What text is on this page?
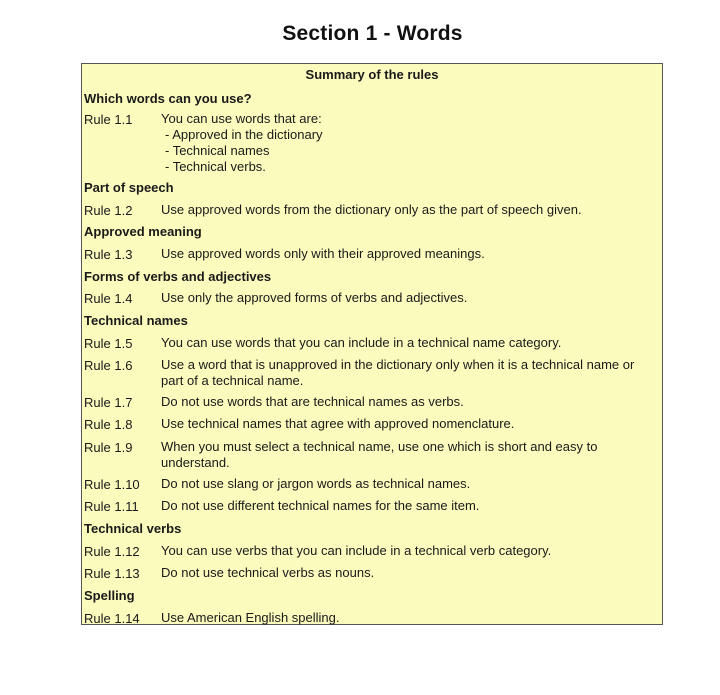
Section 1 - Words
Summary of the rules
Which words can you use?
Rule 1.1 You can use words that are:
- Approved in the dictionary
- Technical names
- Technical verbs.
Part of speech
Rule 1.2 Use approved words from the dictionary only as the part of speech given.
Approved meaning
Rule 1.3 Use approved words only with their approved meanings.
Forms of verbs and adjectives
Rule 1.4 Use only the approved forms of verbs and adjectives.
Technical names
Rule 1.5 You can use words that you can include in a technical name category.
Rule 1.6 Use a word that is unapproved in the dictionary only when it is a technical name or part of a technical name.
Rule 1.7 Do not use words that are technical names as verbs.
Rule 1.8 Use technical names that agree with approved nomenclature.
Rule 1.9 When you must select a technical name, use one which is short and easy to understand.
Rule 1.10 Do not use slang or jargon words as technical names.
Rule 1.11 Do not use different technical names for the same item.
Technical verbs
Rule 1.12 You can use verbs that you can include in a technical verb category.
Rule 1.13 Do not use technical verbs as nouns.
Spelling
Rule 1.14 Use American English spelling.
